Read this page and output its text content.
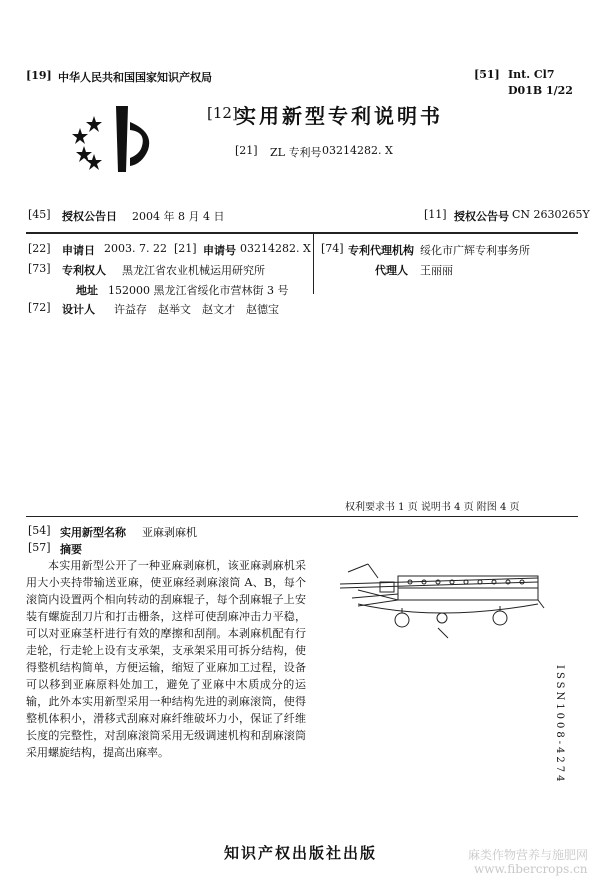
[19] 中华人民共和国国家知识产权局	[51] Int. Cl7
D01B 1/22
[12]
实用新型专利说明书
[21] ZL 专利号 03214282. X
[45] 授权公告日 2004 年 8 月 4 日	[11] 授权公告号 CN 2630265Y
[22] 申请日 2003. 7. 22 [21] 申请号 03214282. X
[73] 专利权人 黑龙江省农业机械运用研究所
地址 152000 黑龙江省绥化市营林街 3 号
[72] 设计人 许益存　赵举文　赵文才　赵德宝
[74] 专利代理机构 绥化市广辉专利事务所
代理人 王丽丽
权利要求书 1 页 说明书 4 页 附图 4 页
[54] 实用新型名称 亚麻剥麻机
[57] 摘要
本实用新型公开了一种亚麻剥麻机，该亚麻剥麻机采用大小夹持带输送亚麻，使亚麻经剥麻滚筒 A、B，每个滚筒内设置两个相向转动的刮麻辊子，每个刮麻辊子上安装有螺旋刮刀片和打击栅条，这样可使刮麻冲击力平稳，可以对亚麻茎杆进行有效的摩擦和刮削。本剥麻机配有行走轮，行走轮上设有支承架，支承架采用可拆分结构，使得整机结构简单，方便运输，缩短了亚麻加工过程，设备可以移到亚麻原料处加工，避免了亚麻中木质成分的运输，此外本实用新型采用一种结构先进的剥麻滚筒，使得整机体积小，滑移式刮麻对麻纤维破坏力小，保证了纤维长度的完整性，对刮麻滚筒采用无级调速机构和刮麻滚筒采用螺旋结构，提高出麻率。	ISSN1008-4274
知识产权出版社出版	麻类作物营养与施肥网
www.fibercrops.cn
